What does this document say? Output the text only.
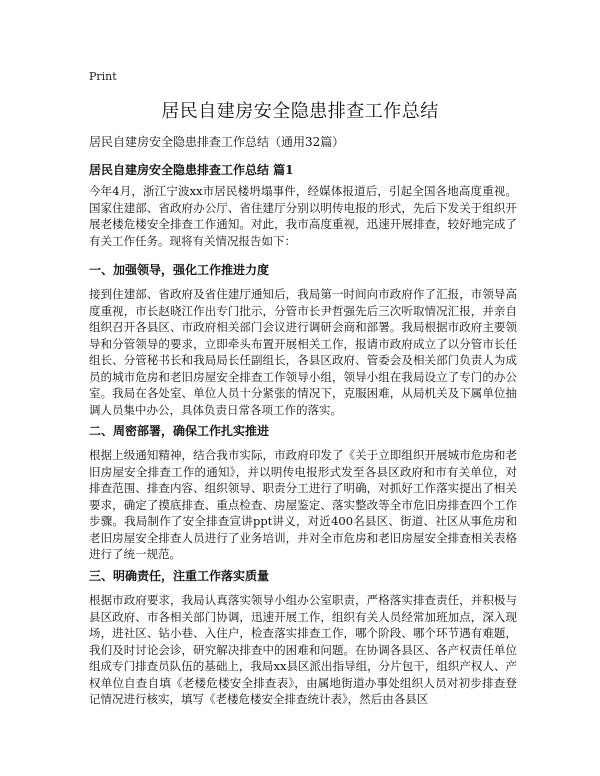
Print
居民自建房安全隐患排查工作总结
居民自建房安全隐患排查工作总结（通用32篇）
居民自建房安全隐患排查工作总结 篇1

今年4月，浙江宁波xx市居民楼坍塌事件，经媒体报道后，引起全国各地高度重视。国家住建部、省政府办公厅、省住建厅分别以明传电报的形式，先后下发关于组织开展老楼危楼安全排查工作通知。对此，我市高度重视，迅速开展排查，较好地完成了有关工作任务。现将有关情况报告如下：

一、加强领导，强化工作推进力度

接到住建部、省政府及省住建厅通知后，我局第一时间向市政府作了汇报，市领导高度重视，市长赵晓江作出专门批示，分管市长尹哲强先后三次听取情况汇报，并亲自组织召开各县区、市政府相关部门会议进行调研会商和部署。我局根据市政府主要领导和分管领导的要求，立即牵头布置开展相关工作，报请市政府成立了以分管市长任组长、分管秘书长和我局局长任副组长，各县区政府、管委会及相关部门负责人为成员的城市危房和老旧房屋安全排查工作领导小组，领导小组在我局设立了专门的办公室。我局在各处室、单位人员十分紧张的情况下，克服困难，从局机关及下属单位抽调人员集中办公，具体负责日常各项工作的落实。

二、周密部署，确保工作扎实推进

根据上级通知精神，结合我市实际，市政府印发了《关于立即组织开展城市危房和老旧房屋安全排查工作的通知》，并以明传电报形式发至各县区政府和市有关单位，对排查范围、排查内容、组织领导、职责分工进行了明确，对抓好工作落实提出了相关要求，确定了摸底排查、重点检查、房屋鉴定、落实整改等全市危旧房排查四个工作步骤。我局制作了安全排查宣讲ppt讲义，对近400名县区、街道、社区从事危房和老旧房屋安全排查人员进行了业务培训，并对全市危房和老旧房屋安全排查相关表格进行了统一规范。

三、明确责任，注重工作落实质量

根据市政府要求，我局认真落实领导小组办公室职责，严格落实排查责任，并积极与县区政府、市各相关部门协调，迅速开展工作，组织有关人员经常加班加点，深入现场，进社区、钻小巷、入住户，检查落实排查工作，哪个阶段、哪个环节遇有难题，我们及时讨论会诊，研究解决排查中的困难和问题。在协调各县区、各产权责任单位组成专门排查员队伍的基础上，我局xx县区派出指导组，分片包干，组织产权人、产权单位自查自填《老楼危楼安全排查表》，由属地街道办事处组织人员对初步排查登记情况进行核实，填写《老楼危楼安全排查统计表》，然后由各县区
